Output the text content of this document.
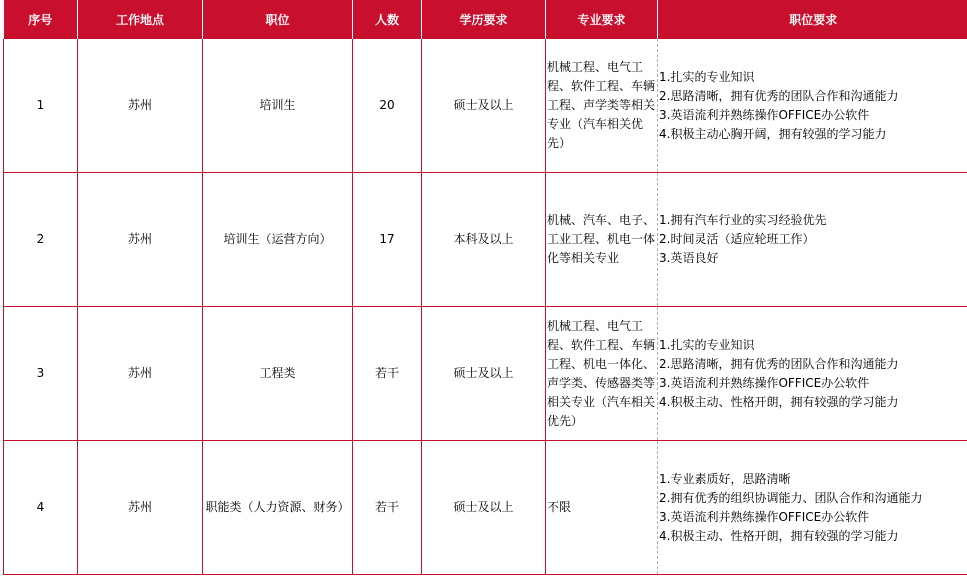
序号	工作地点	职位	人数	学历要求	专业要求	职位要求
1	苏州	培训生	20	硕士及以上	机械工程、电气工程、软件工程、车辆工程、声学类等相关专业（汽车相关优先）	1.扎实的专业知识
2.思路清晰，拥有优秀的团队合作和沟通能力
3.英语流利并熟练操作OFFICE办公软件
4.积极主动心胸开阔，拥有较强的学习能力

2	苏州	培训生（运营方向）	17	本科及以上	机械、汽车、电子、工业工程、机电一体化等相关专业	1.拥有汽车行业的实习经验优先
2.时间灵活（适应轮班工作）
3.英语良好

3	苏州	工程类	若干	硕士及以上	机械工程、电气工程、软件工程、车辆工程、机电一体化、声学类、传感器类等相关专业（汽车相关优先）	1.扎实的专业知识
2.思路清晰，拥有优秀的团队合作和沟通能力
3.英语流利并熟练操作OFFICE办公软件
4.积极主动、性格开朗，拥有较强的学习能力

4	苏州	职能类（人力资源、财务）	若干	硕士及以上	不限	1.专业素质好，思路清晰
2.拥有优秀的组织协调能力、团队合作和沟通能力
3.英语流利并熟练操作OFFICE办公软件
4.积极主动、性格开朗，拥有较强的学习能力
